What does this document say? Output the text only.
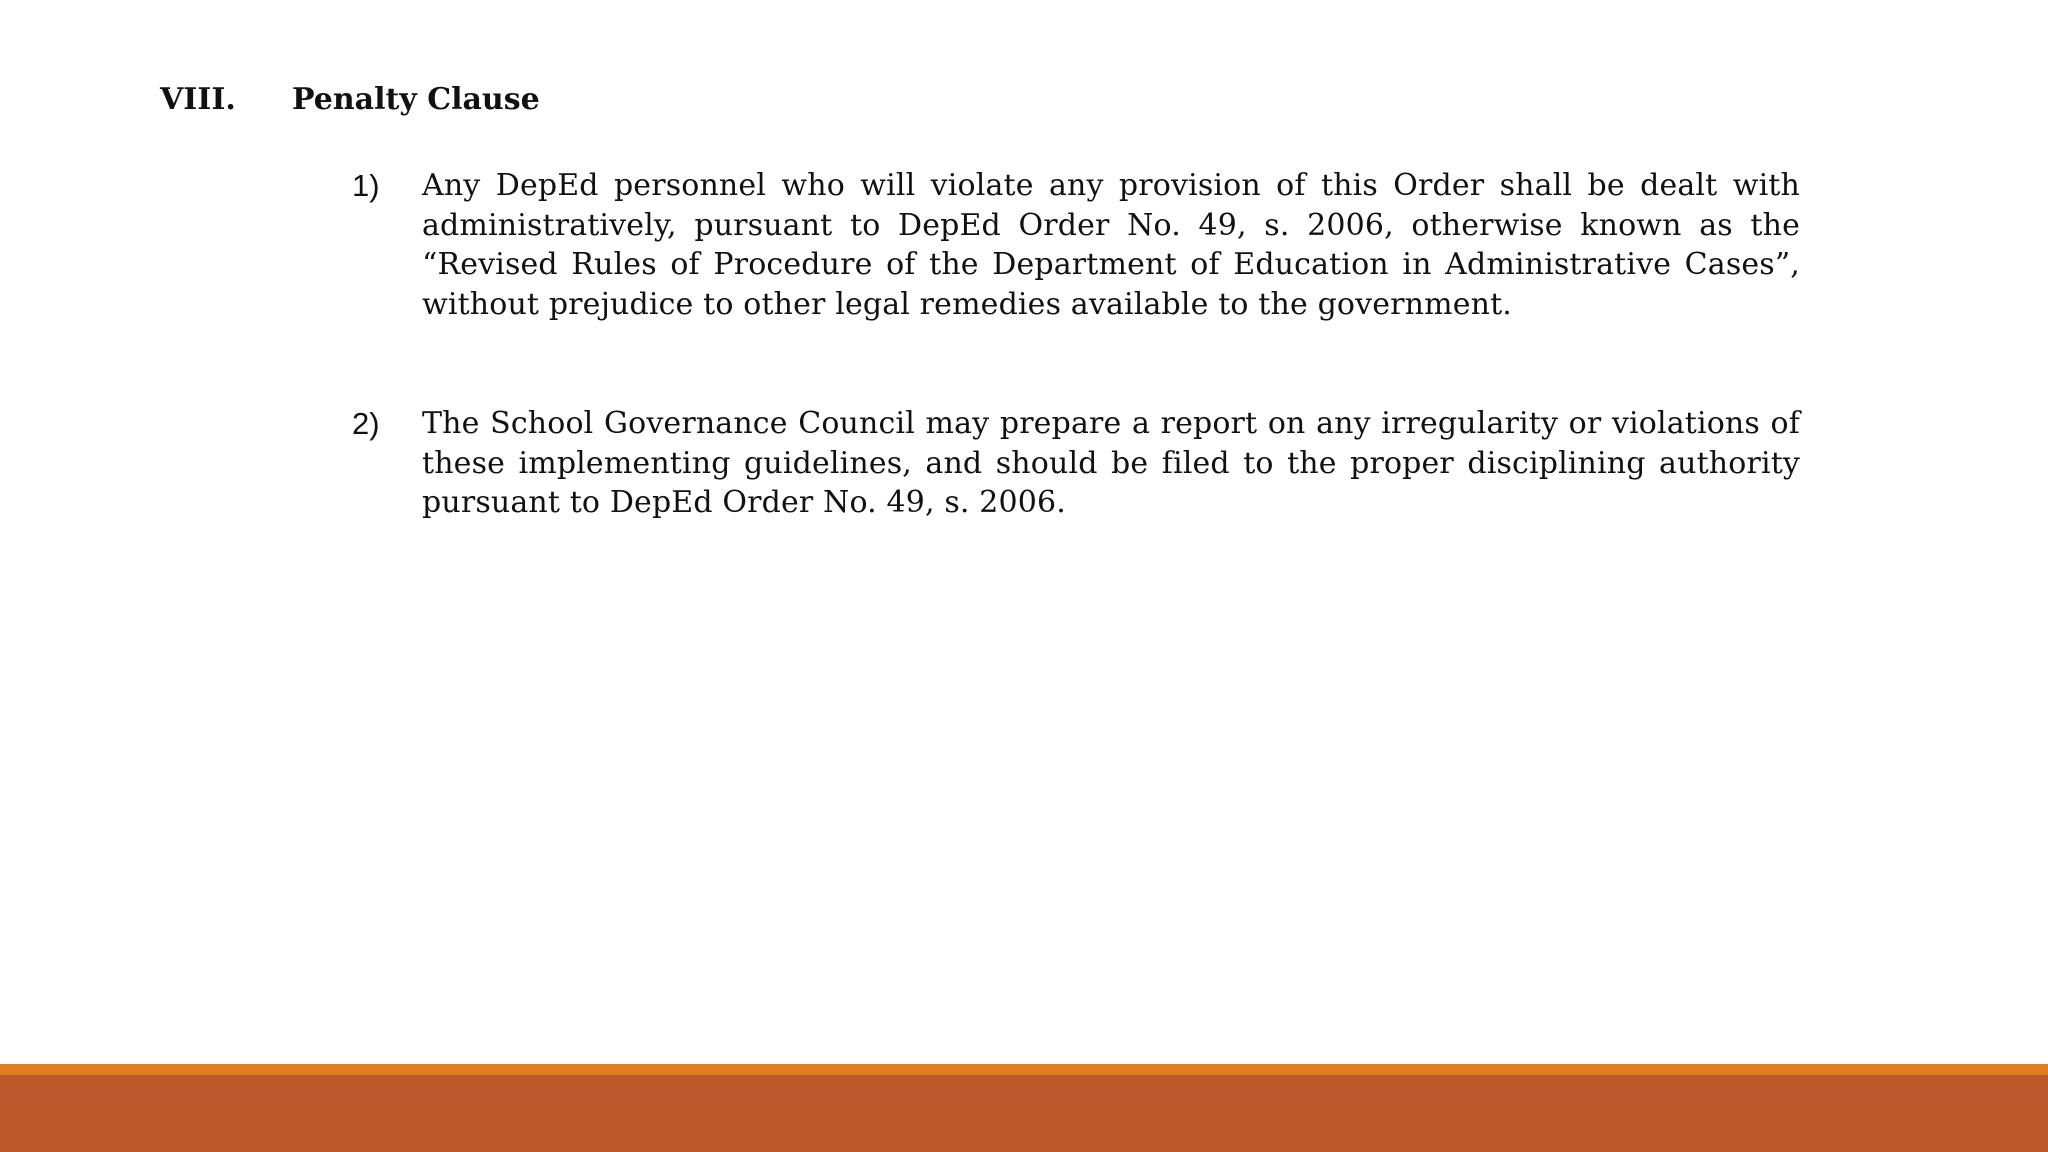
VIII. Penalty Clause
1)	Any DepEd personnel who will violate any provision of this Order shall be dealt with administratively, pursuant to DepEd Order No. 49, s. 2006, otherwise known as the “Revised Rules of Procedure of the Department of Education in Administrative Cases”, without prejudice to other legal remedies available to the government.
2)	The School Governance Council may prepare a report on any irregularity or violations of these implementing guidelines, and should be filed to the proper disciplining authority pursuant to DepEd Order No. 49, s. 2006.
